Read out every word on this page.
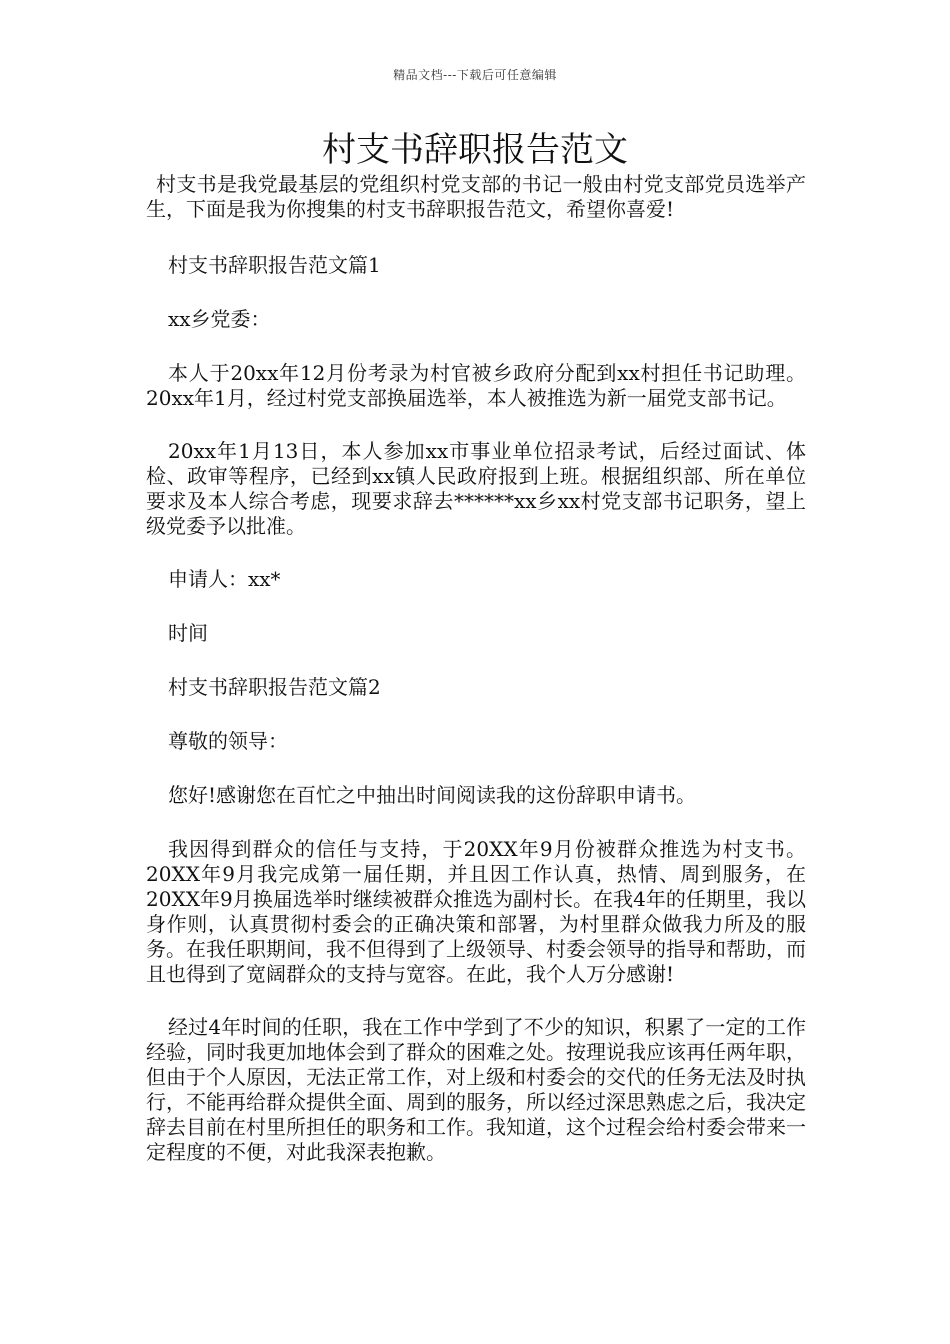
精品文档---下载后可任意编辑
村支书辞职报告范文

村支书是我党最基层的党组织村党支部的书记一般由村党支部党员选举产生，下面是我为你搜集的村支书辞职报告范文，希望你喜爱!

村支书辞职报告范文篇1

xx乡党委：

本人于20xx年12月份考录为村官被乡政府分配到xx村担任书记助理。20xx年1月，经过村党支部换届选举，本人被推选为新一届党支部书记。

20xx年1月13日，本人参加xx市事业单位招录考试，后经过面试、体检、政审等程序，已经到xx镇人民政府报到上班。根据组织部、所在单位要求及本人综合考虑，现要求辞去******xx乡xx村党支部书记职务，望上级党委予以批准。

申请人：xx*

时间

村支书辞职报告范文篇2

尊敬的领导：

您好!感谢您在百忙之中抽出时间阅读我的这份辞职申请书。

我因得到群众的信任与支持，于20XX年9月份被群众推选为村支书。20XX年9月我完成第一届任期，并且因工作认真，热情、周到服务，在20XX年9月换届选举时继续被群众推选为副村长。在我4年的任期里，我以身作则，认真贯彻村委会的正确决策和部署，为村里群众做我力所及的服务。在我任职期间，我不但得到了上级领导、村委会领导的指导和帮助，而且也得到了宽阔群众的支持与宽容。在此，我个人万分感谢!

经过4年时间的任职，我在工作中学到了不少的知识，积累了一定的工作经验，同时我更加地体会到了群众的困难之处。按理说我应该再任两年职，但由于个人原因，无法正常工作，对上级和村委会的交代的任务无法及时执行，不能再给群众提供全面、周到的服务，所以经过深思熟虑之后，我决定辞去目前在村里所担任的职务和工作。我知道，这个过程会给村委会带来一定程度的不便，对此我深表抱歉。
